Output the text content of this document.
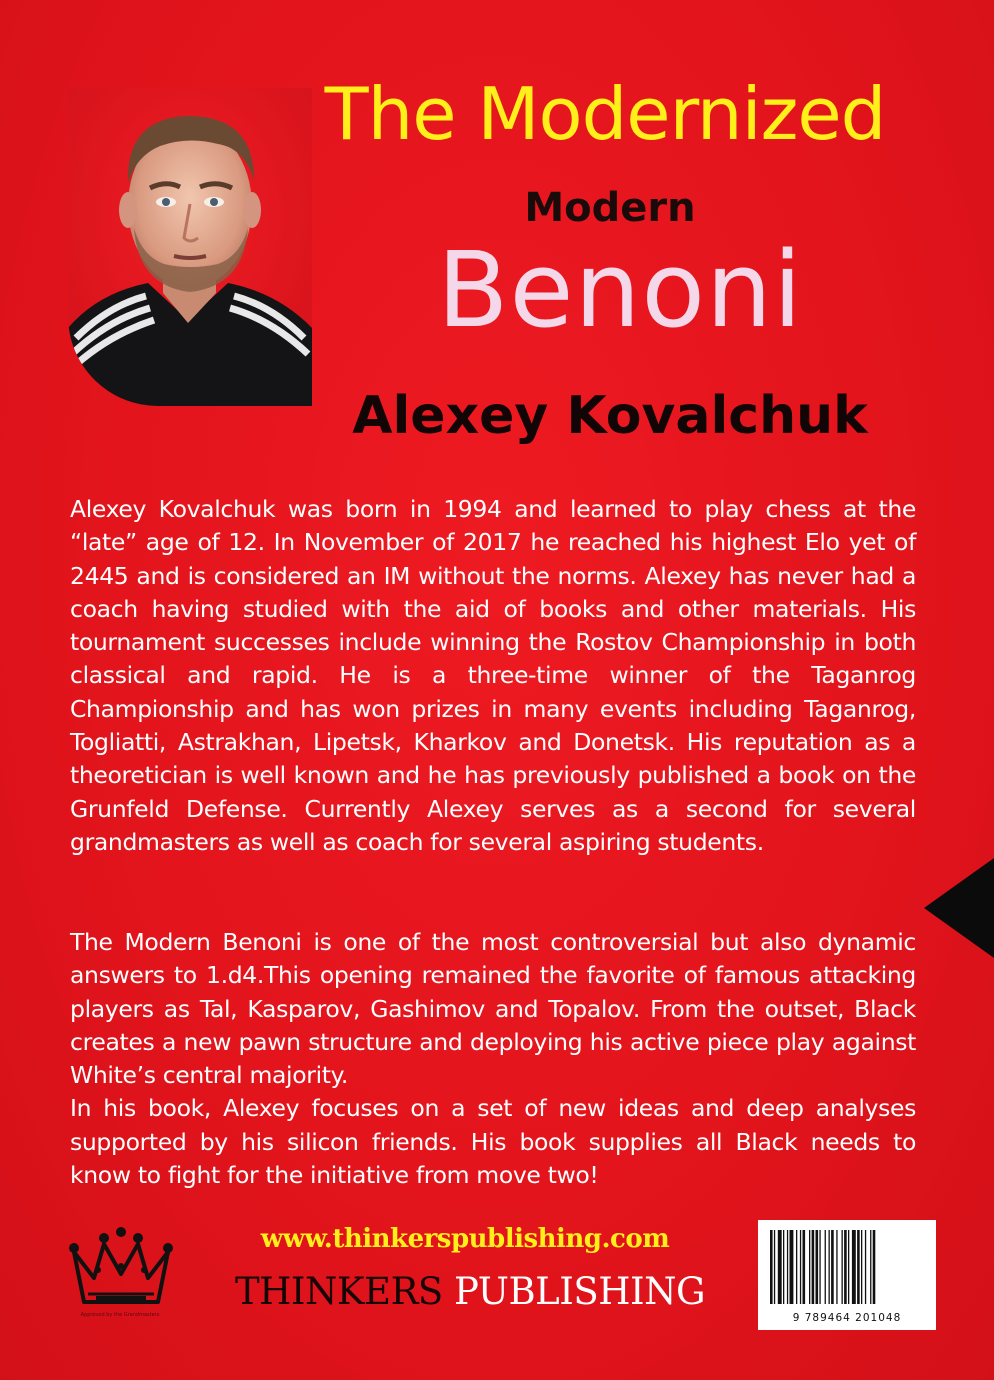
The Modernized
Modern
Benoni
Alexey Kovalchuk

Alexey Kovalchuk was born in 1994 and learned to play chess at the “late” age of 12. In November of 2017 he reached his highest Elo yet of 2445 and is considered an IM without the norms. Alexey has never had a coach having studied with the aid of books and other materials. His tournament successes include winning the Rostov Championship in both classical and rapid. He is a three-time winner of the Taganrog Championship and has won prizes in many events including Taganrog, Togliatti, Astrakhan, Lipetsk, Kharkov and Donetsk. His reputation as a theoretician is well known and he has previously published a book on the Grunfeld Defense. Currently Alexey serves as a second for several grandmasters as well as coach for several aspiring students.

The Modern Benoni is one of the most controversial but also dynamic answers to 1.d4.This opening remained the favorite of famous attacking players as Tal, Kasparov, Gashimov and Topalov. From the outset, Black creates a new pawn structure and deploying his active piece play against White’s central majority.
In his book, Alexey focuses on a set of new ideas and deep analyses supported by his silicon friends. His book supplies all Black needs to know to fight for the initiative from move two!
Approved by the Grandmasters
www.thinkerspublishing.com
THINKERS PUBLISHING
9 789464 201048
